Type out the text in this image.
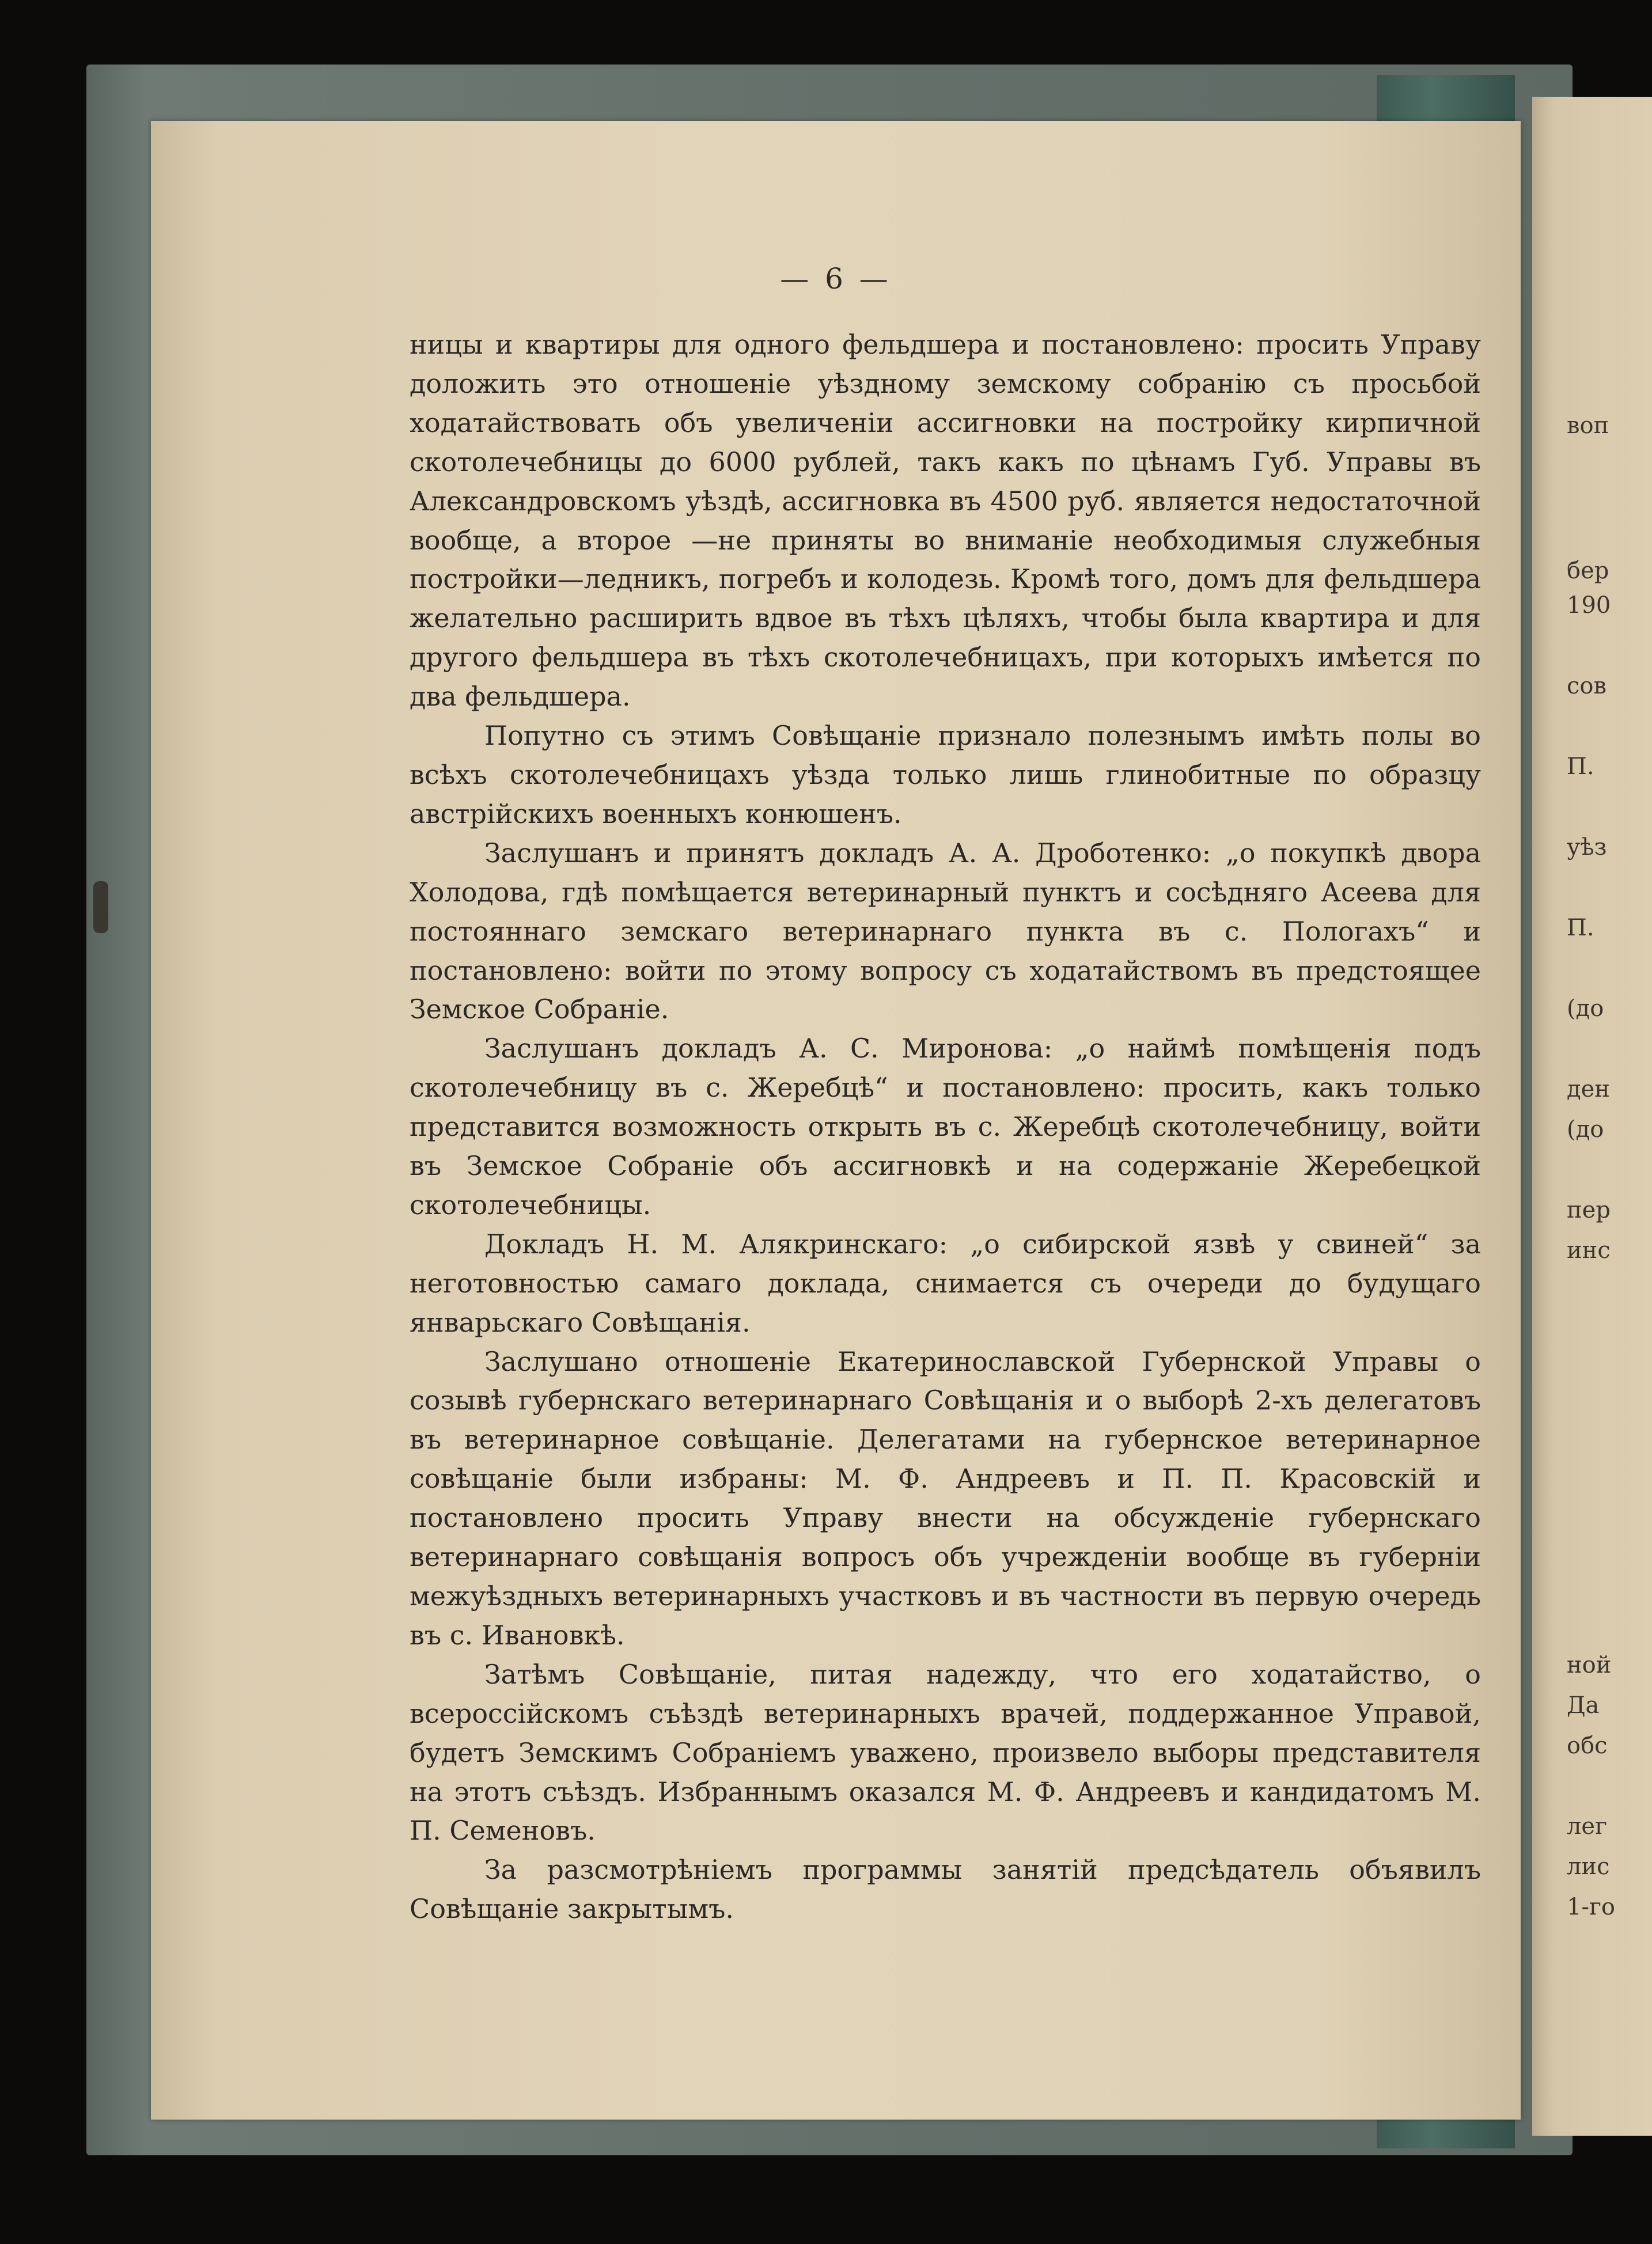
воп
бер
190
сов
П.
уѣз
П.
(до
ден
(до
пер
инс
ной
Да
обс
лег
лис
1-го
— 6 —

ницы и квартиры для одного фельдшера и постановлено: просить Управу доложить это отношеніе уѣздному земскому собранію съ просьбой ходатайствовать объ увеличеніи ассигновки на постройку кирпичной скотолечебницы до 6000 рублей, такъ какъ по цѣнамъ Губ. Управы въ Александровскомъ уѣздѣ, ассигновка въ 4500 руб. является недостаточной вообще, а второе —не приняты во вниманіе необходимыя служебныя постройки—ледникъ, погребъ и колодезь. Кромѣ того, домъ для фельдшера желательно расширить вдвое въ тѣхъ цѣляхъ, чтобы была квартира и для другого фельдшера въ тѣхъ скотолечебницахъ, при которыхъ имѣется по два фельдшера.

Попутно съ этимъ Совѣщаніе признало полезнымъ имѣть полы во всѣхъ скотолечебницахъ уѣзда только лишь глинобитные по образцу австрійскихъ военныхъ конюшенъ.

Заслушанъ и принятъ докладъ А. А. Дроботенко: „о покупкѣ двора Холодова, гдѣ помѣщается ветеринарный пунктъ и сосѣдняго Асеева для постояннаго земскаго ветеринарнаго пункта въ с. Пологахъ“ и постановлено: войти по этому вопросу съ ходатайствомъ въ предстоящее Земское Собраніе.

Заслушанъ докладъ А. С. Миронова: „о наймѣ помѣщенія подъ скотолечебницу въ с. Жеребцѣ“ и постановлено: просить, какъ только представится возможность открыть въ с. Жеребцѣ скотолечебницу, войти въ Земское Собраніе объ ассигновкѣ и на содержаніе Жеребецкой скотолечебницы.

Докладъ Н. М. Алякринскаго: „о сибирской язвѣ у свиней“ за неготовностью самаго доклада, снимается съ очереди до будущаго январьскаго Совѣщанія.

Заслушано отношеніе Екатеринославской Губернской Управы о созывѣ губернскаго ветеринарнаго Совѣщанія и о выборѣ 2-хъ делегатовъ въ ветеринарное совѣщаніе. Делегатами на губернское ветеринарное совѣщаніе были избраны: М. Ф. Андреевъ и П. П. Красовскій и постановлено просить Управу внести на обсужденіе губернскаго ветеринарнаго совѣщанія вопросъ объ учрежденіи вообще въ губерніи межуѣздныхъ ветеринарныхъ участковъ и въ частности въ первую очередь въ с. Ивановкѣ.

Затѣмъ Совѣщаніе, питая надежду, что его ходатайство, о всероссійскомъ съѣздѣ ветеринарныхъ врачей, поддержанное Управой, будетъ Земскимъ Собраніемъ уважено, произвело выборы представителя на этотъ съѣздъ. Избраннымъ оказался М. Ф. Андреевъ и кандидатомъ М. П. Семеновъ.

За разсмотрѣніемъ программы занятій предсѣдатель объявилъ Совѣщаніе закрытымъ.
